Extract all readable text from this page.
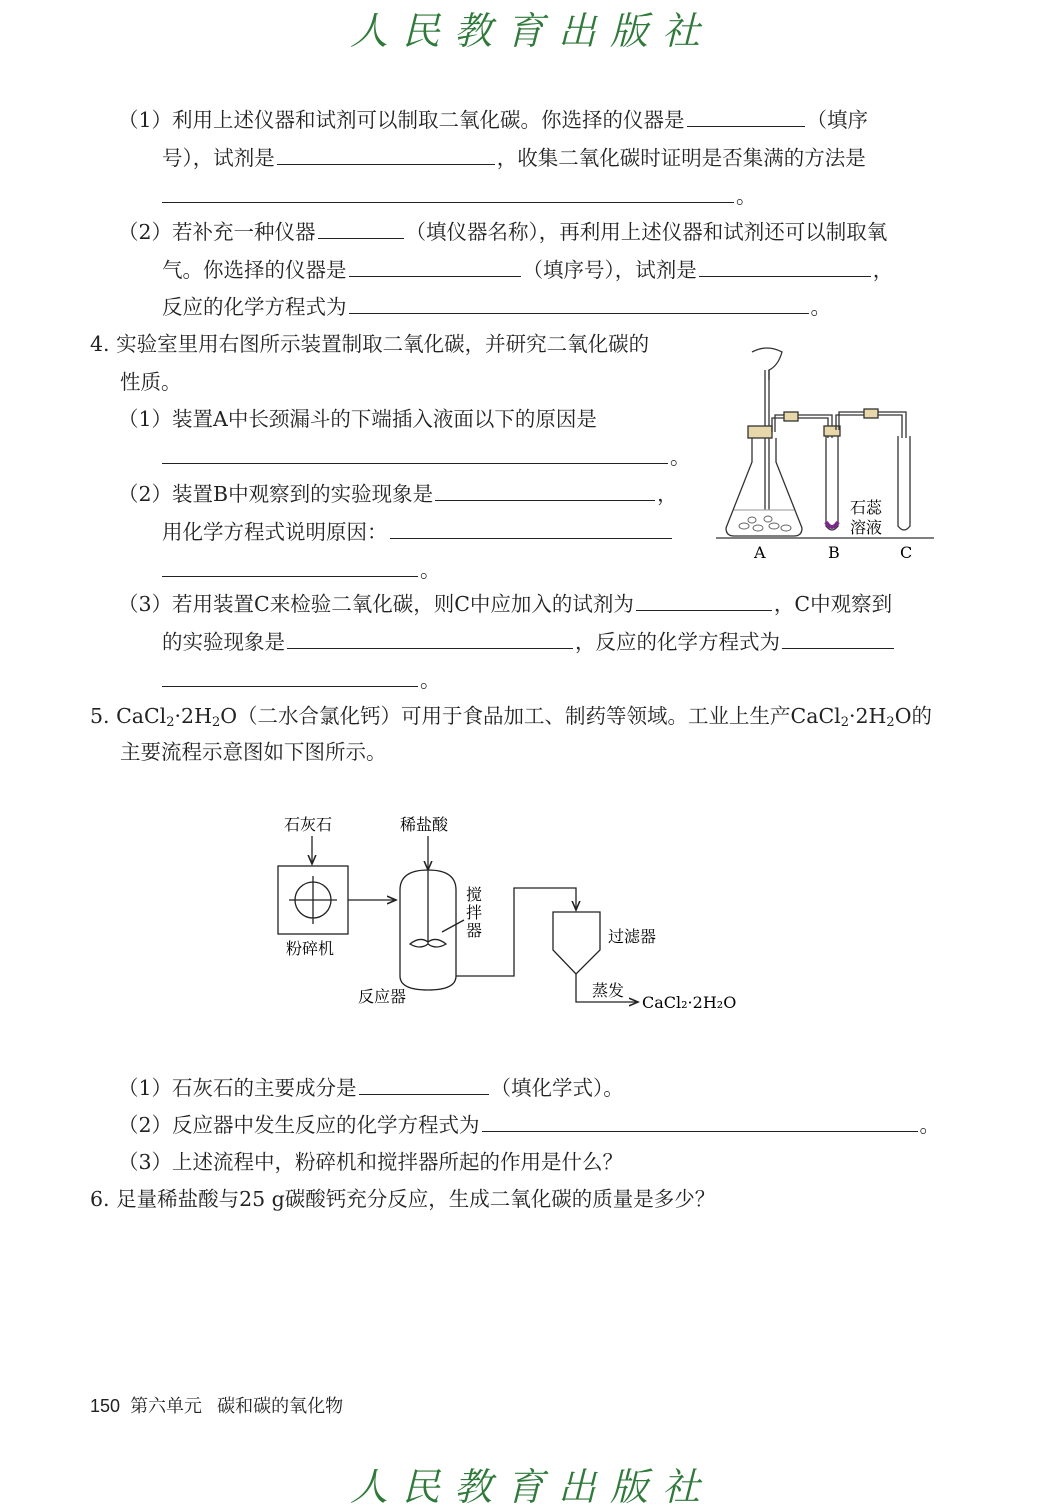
人民教育出版社
（1）利用上述仪器和试剂可以制取二氧化碳。你选择的仪器是	（填序
号），试剂是	，收集二氧化碳时证明是否集满的方法是
。
（2）若补充一种仪器	（填仪器名称），再利用上述仪器和试剂还可以制取氧
气。你选择的仪器是	（填序号），试剂是	，
反应的化学方程式为	。
4. 实验室里用右图所示装置制取二氧化碳，并研究二氧化碳的
性质。
（1）装置A中长颈漏斗的下端插入液面以下的原因是
。
（2）装置B中观察到的实验现象是	，
用化学方程式说明原因：
。
（3）若用装置C来检验二氧化碳，则C中应加入的试剂为	，C中观察到
的实验现象是	，反应的化学方程式为
。
石蕊
溶液
A	B	C
5. $CaCl_2\cdot 2H_2O$（二水合氯化钙）可用于食品加工、制药等领域。工业上生产$CaCl_2\cdot 2H_2O$的
主要流程示意图如下图所示。
石灰石	稀盐酸
粉碎机
搅
拌
器	过滤器
反应器	蒸发
CaCl₂·2H₂O
（1）石灰石的主要成分是	（填化学式）。
（2）反应器中发生反应的化学方程式为	。
（3）上述流程中，粉碎机和搅拌器所起的作用是什么？
6. 足量稀盐酸与25 g碳酸钙充分反应，生成二氧化碳的质量是多少？
150 第六单元 碳和碳的氧化物
人民教育出版社
